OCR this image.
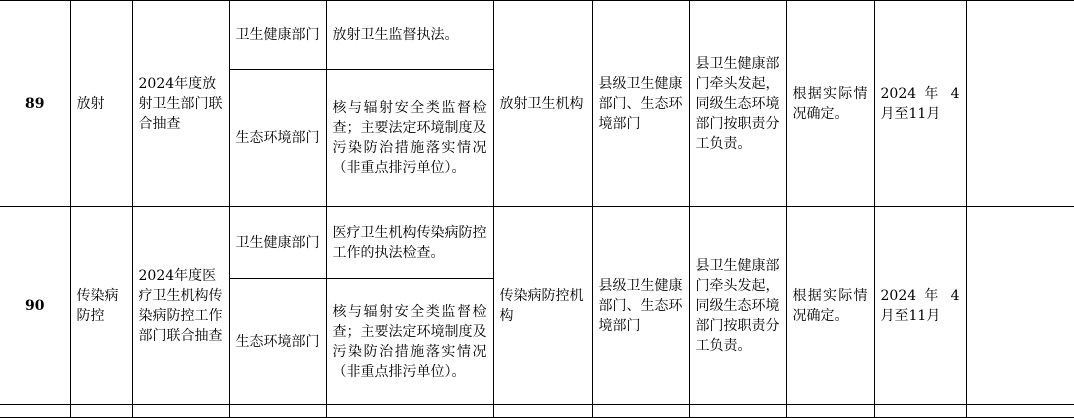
89	放射	2024年度放射卫生部门联合抽查	卫生健康部门	放射卫生监督执法。	放射卫生机构	县级卫生健康部门、生态环境部门	县卫生健康部门牵头发起，同级生态环境部门按职责分工负责。	根据实际情况确定。	2024 年 4 月至11月	
			生态环境部门	核与辐射安全类监督检查；主要法定环境制度及污染防治措施落实情况（非重点排污单位）。						
90	传染病防控	2024年度医疗卫生机构传染病防控工作部门联合抽查	卫生健康部门	医疗卫生机构传染病防控工作的执法检查。	传染病防控机构	县级卫生健康部门、生态环境部门	县卫生健康部门牵头发起，同级生态环境部门按职责分工负责。	根据实际情况确定。	2024 年 4 月至11月	
			生态环境部门	核与辐射安全类监督检查；主要法定环境制度及污染防治措施落实情况（非重点排污单位）。						
